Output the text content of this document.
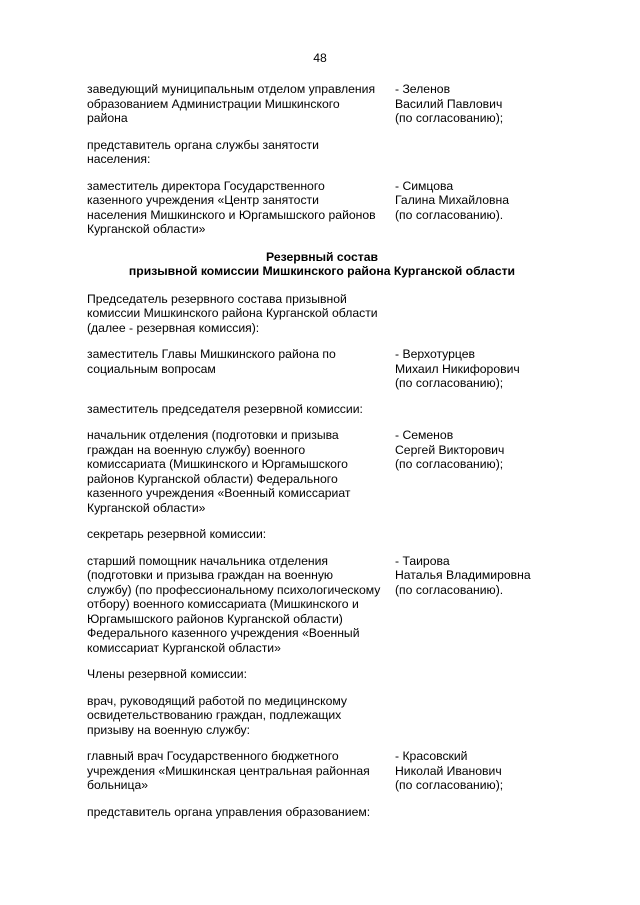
48
заведующий муниципальным отделом управления
образованием Администрации Мишкинского
района
- Зеленов
Василий Павлович
(по согласованию);
представитель органа службы занятости
населения:
заместитель директора Государственного
казенного учреждения «Центр занятости
населения Мишкинского и Юргамышского районов
Курганской области»
- Симцова
Галина Михайловна
(по согласованию).
Резервный состав
призывной комиссии Мишкинского района Курганской области
Председатель резервного состава призывной
комиссии Мишкинского района Курганской области
(далее - резервная комиссия):
заместитель Главы Мишкинского района по
социальным вопросам
- Верхотурцев
Михаил Никифорович
(по согласованию);
заместитель председателя резервной комиссии:
начальник отделения (подготовки и призыва
граждан на военную службу) военного
комиссариата (Мишкинского и Юргамышского
районов Курганской области) Федерального
казенного учреждения «Военный комиссариат
Курганской области»
- Семенов
Сергей Викторович
(по согласованию);
секретарь резервной комиссии:
старший помощник начальника отделения
(подготовки и призыва граждан на военную
службу) (по профессиональному психологическому
отбору) военного комиссариата (Мишкинского и
Юргамышского районов Курганской области)
Федерального казенного учреждения «Военный
комиссариат Курганской области»
- Таирова
Наталья Владимировна
(по согласованию).
Члены резервной комиссии:
врач, руководящий работой по медицинскому
освидетельствованию граждан, подлежащих
призыву на военную службу:
главный врач Государственного бюджетного
учреждения «Мишкинская центральная районная
больница»
- Красовский
Николай Иванович
(по согласованию);
представитель органа управления образованием:
